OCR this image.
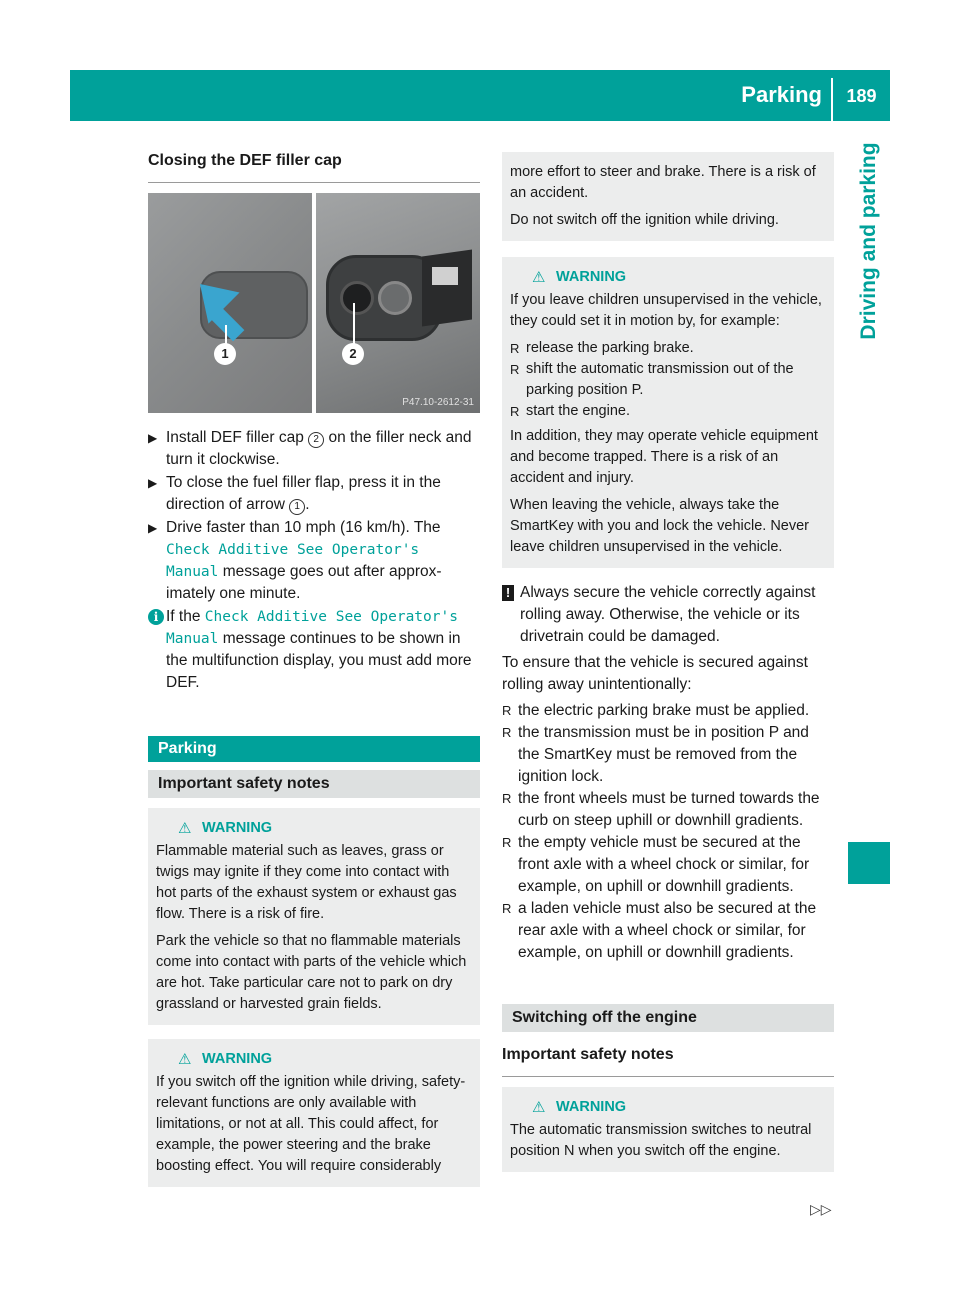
Parking	189
Driving and parking
Closing the DEF filler cap
1	2
P47.10-2612-31
▶ Install DEF filler cap 2 on the filler neck and turn it clockwise.
▶ To close the fuel filler flap, press it in the direction of arrow 1 .
▶ Drive faster than 10 mph (16 km/h). The Check Additive See Operator's Manual message goes out after approximately one minute.
i If the Check Additive See Operator's Manual message continues to be shown in the multifunction display, you must add more DEF.
Parking
Important safety notes
⚠ WARNING

Flammable material such as leaves, grass or twigs may ignite if they come into contact with hot parts of the exhaust system or exhaust gas flow. There is a risk of fire.

Park the vehicle so that no flammable materials come into contact with parts of the vehicle which are hot. Take particular care not to park on dry grassland or harvested grain fields.

⚠ WARNING

If you switch off the ignition while driving, safety-relevant functions are only available with limitations, or not at all. This could affect, for example, the power steering and the brake boosting effect. You will require considerably

more effort to steer and brake. There is a risk of an accident.

Do not switch off the ignition while driving.

⚠ WARNING

If you leave children unsupervised in the vehicle, they could set it in motion by, for example:

R release the parking brake.
R shift the automatic transmission out of the parking position P.
R start the engine.

In addition, they may operate vehicle equipment and become trapped. There is a risk of an accident and injury.

When leaving the vehicle, always take the SmartKey with you and lock the vehicle. Never leave children unsupervised in the vehicle.

! Always secure the vehicle correctly against rolling away. Otherwise, the vehicle or its drivetrain could be damaged.
To ensure that the vehicle is secured against rolling away unintentionally:
R the electric parking brake must be applied.
R the transmission must be in position P and the SmartKey must be removed from the ignition lock.
R the front wheels must be turned towards the curb on steep uphill or downhill gradients.
R the empty vehicle must be secured at the front axle with a wheel chock or similar, for example, on uphill or downhill gradients.
R a laden vehicle must also be secured at the rear axle with a wheel chock or similar, for example, on uphill or downhill gradients.
Switching off the engine
Important safety notes
⚠ WARNING

The automatic transmission switches to neutral position N when you switch off the engine.

▷▷
